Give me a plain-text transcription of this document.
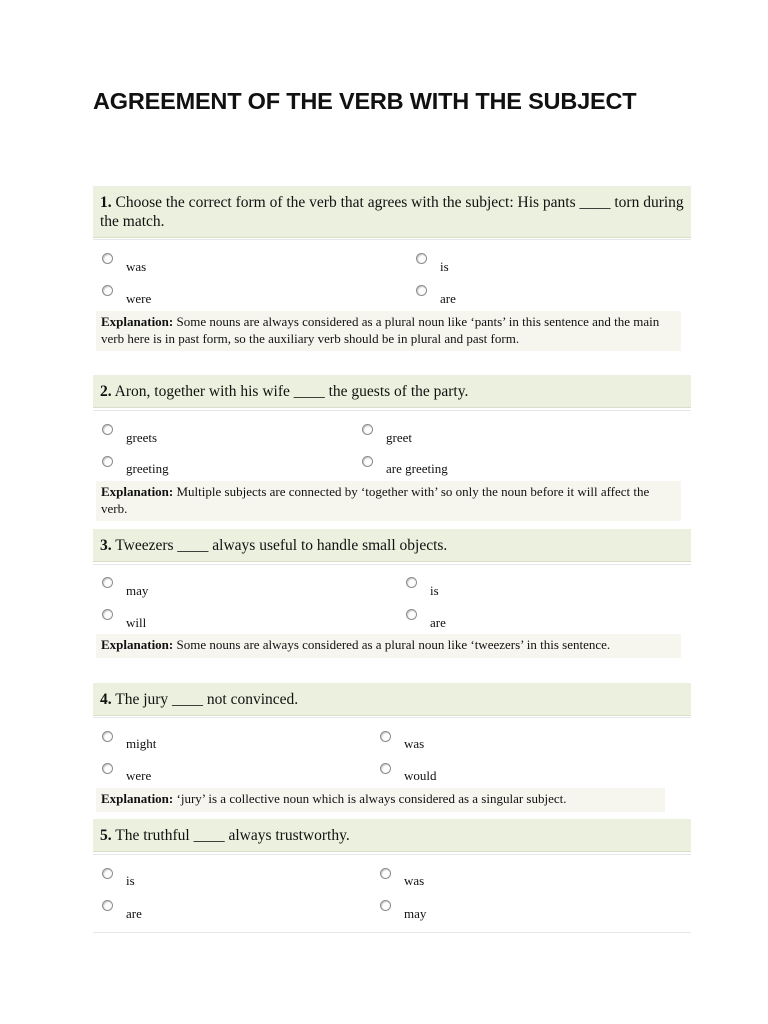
AGREEMENT OF THE VERB WITH THE SUBJECT
1. Choose the correct form of the verb that agrees with the subject: His pants ____ torn during the match.
was	is
were	are
Explanation: Some nouns are always considered as a plural noun like ‘pants’ in this sentence and the main verb here is in past form, so the auxiliary verb should be in plural and past form.
2. Aron, together with his wife ____ the guests of the party.
greets	greet
greeting	are greeting
Explanation: Multiple subjects are connected by ‘together with’ so only the noun before it will affect the verb.
3. Tweezers ____ always useful to handle small objects.
may	is
will	are
Explanation: Some nouns are always considered as a plural noun like ‘tweezers’ in this sentence.
4. The jury ____ not convinced.
might	was
were	would
Explanation: ‘jury’ is a collective noun which is always considered as a singular subject.
5. The truthful ____ always trustworthy.
is	was
are	may
